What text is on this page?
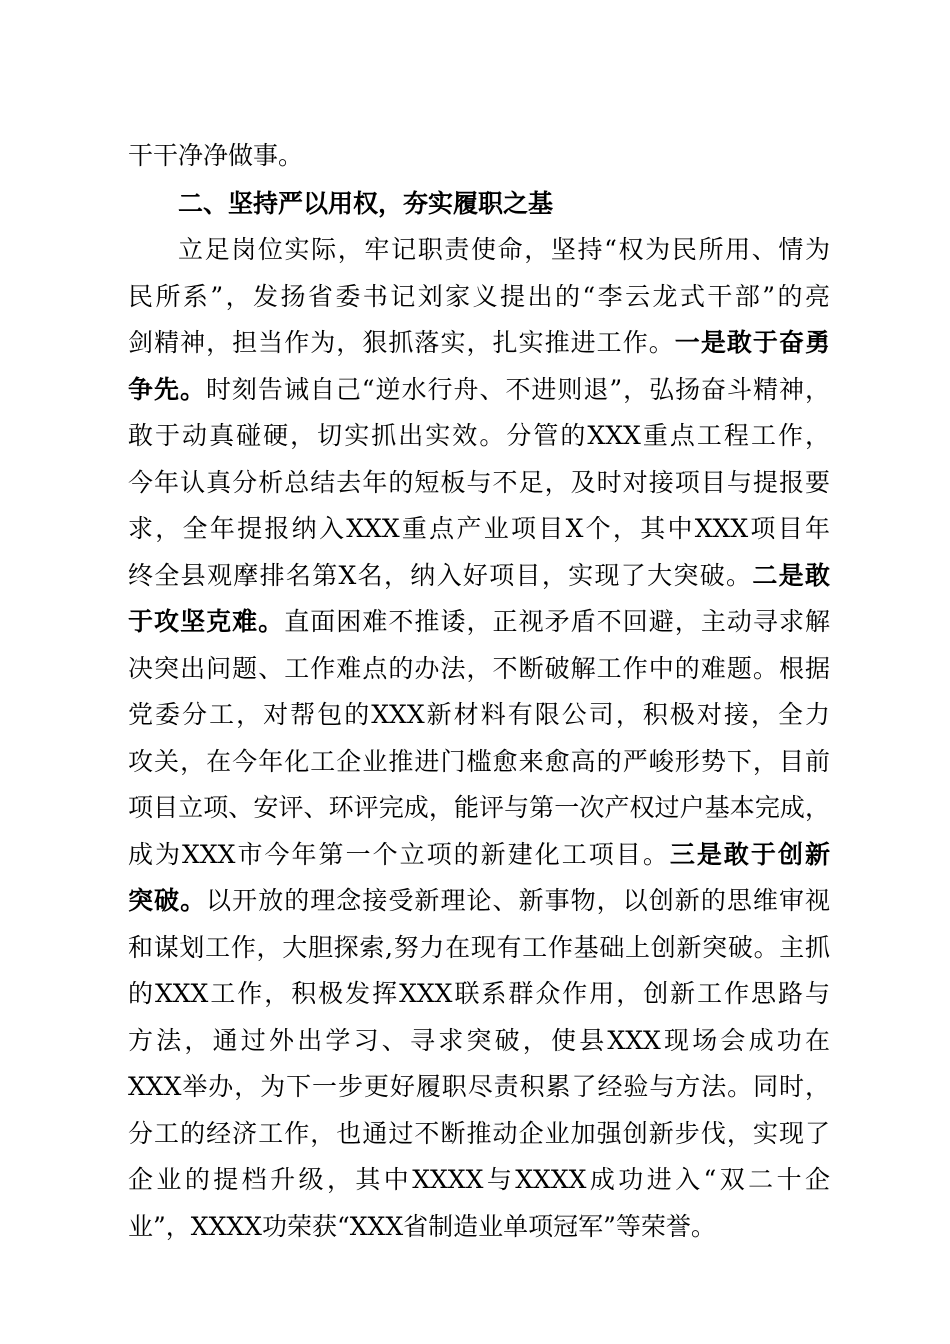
干干净净做事。

二、坚持严以用权，夯实履职之基

立足岗位实际，牢记职责使命，坚持“权为民所用、情为

民所系”，发扬省委书记刘家义提出的“李云龙式干部”的亮

剑精神，担当作为，狠抓落实，扎实推进工作。一是敢于奋勇

争先。时刻告诫自己“逆水行舟、不进则退”，弘扬奋斗精神，

敢于动真碰硬，切实抓出实效。分管的XXX重点工程工作，

今年认真分析总结去年的短板与不足，及时对接项目与提报要

求，全年提报纳入XXX重点产业项目X个，其中XXX项目年

终全县观摩排名第X名，纳入好项目，实现了大突破。二是敢

于攻坚克难。直面困难不推诿，正视矛盾不回避，主动寻求解

决突出问题、工作难点的办法，不断破解工作中的难题。根据

党委分工，对帮包的XXX新材料有限公司，积极对接，全力

攻关，在今年化工企业推进门槛愈来愈高的严峻形势下，目前

项目立项、安评、环评完成，能评与第一次产权过户基本完成，

成为XXX市今年第一个立项的新建化工项目。三是敢于创新

突破。以开放的理念接受新理论、新事物，以创新的思维审视

和谋划工作，大胆探索,努力在现有工作基础上创新突破。主抓

的XXX工作，积极发挥XXX联系群众作用，创新工作思路与

方法，通过外出学习、寻求突破，使县XXX现场会成功在

XXX举办，为下一步更好履职尽责积累了经验与方法。同时，

分工的经济工作，也通过不断推动企业加强创新步伐，实现了

企业的提档升级，其中XXXX与XXXX成功进入“双二十企

业”，XXXX功荣获“XXX省制造业单项冠军”等荣誉。
